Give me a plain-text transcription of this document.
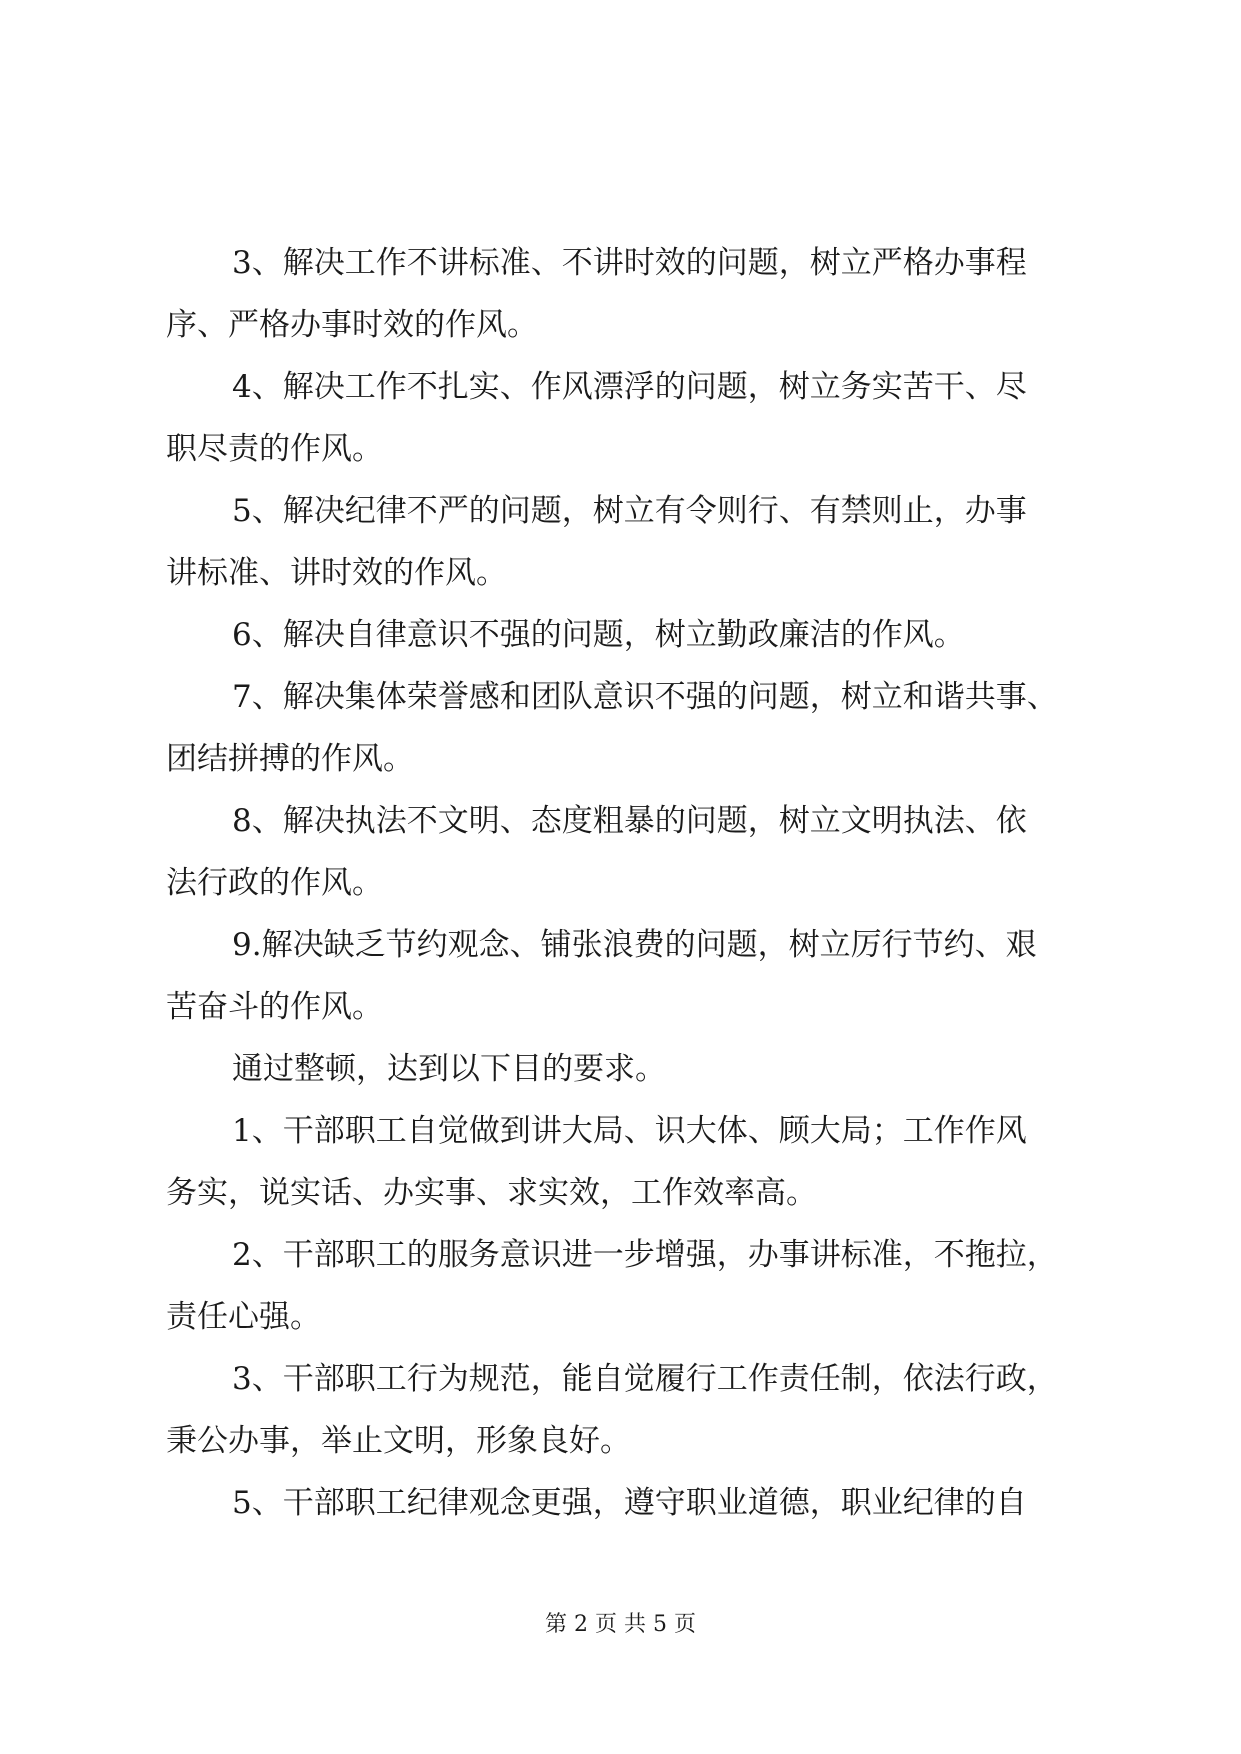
3、解决工作不讲标准、不讲时效的问题，树立严格办事程
序、严格办事时效的作风。
4、解决工作不扎实、作风漂浮的问题，树立务实苦干、尽
职尽责的作风。
5、解决纪律不严的问题，树立有令则行、有禁则止，办事
讲标准、讲时效的作风。
6、解决自律意识不强的问题，树立勤政廉洁的作风。
7、解决集体荣誉感和团队意识不强的问题，树立和谐共事、
团结拼搏的作风。
8、解决执法不文明、态度粗暴的问题，树立文明执法、依
法行政的作风。
9.解决缺乏节约观念、铺张浪费的问题，树立厉行节约、艰
苦奋斗的作风。
通过整顿，达到以下目的要求。
1、干部职工自觉做到讲大局、识大体、顾大局；工作作风
务实，说实话、办实事、求实效，工作效率高。
2、干部职工的服务意识进一步增强，办事讲标准，不拖拉，
责任心强。
3、干部职工行为规范，能自觉履行工作责任制，依法行政，
秉公办事，举止文明，形象良好。
5、干部职工纪律观念更强，遵守职业道德，职业纪律的自
第 2 页 共 5 页
